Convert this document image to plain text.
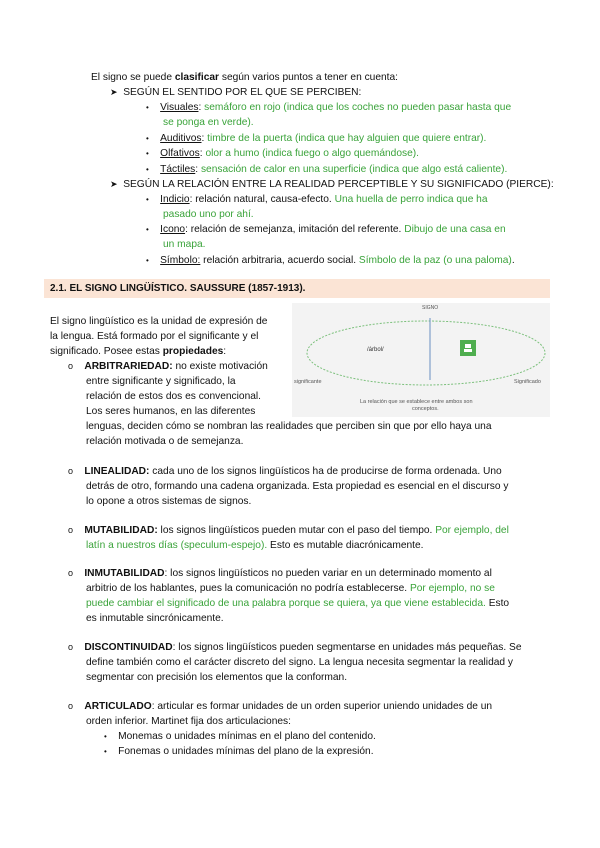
El signo se puede clasificar según varios puntos a tener en cuenta:
➤ SEGÚN EL SENTIDO POR EL QUE SE PERCIBEN:
• Visuales: semáforo en rojo (indica que los coches no pueden pasar hasta que
se ponga en verde).
• Auditivos: timbre de la puerta (indica que hay alguien que quiere entrar).
• Olfativos: olor a humo (indica fuego o algo quemándose).
• Táctiles: sensación de calor en una superficie (indica que algo está caliente).
➤ SEGÚN LA RELACIÓN ENTRE LA REALIDAD PERCEPTIBLE Y SU SIGNIFICADO (PIERCE):
• Indicio: relación natural, causa-efecto. Una huella de perro indica que ha
pasado uno por ahí.
• Icono: relación de semejanza, imitación del referente. Dibujo de una casa en
un mapa.
• Símbolo: relación arbitraria, acuerdo social. Símbolo de la paz (o una paloma).
2.1. EL SIGNO LINGÜÍSTICO. SAUSSURE (1857-1913).
El signo lingüístico es la unidad de expresión de
la lengua. Está formado por el significante y el
significado. Posee estas propiedades:
SIGNO
/árbol/
significante	Significado
La relación que se establece entre ambos son
conceptos.
o ARBITRARIEDAD: no existe motivación
entre significante y significado, la
relación de estos dos es convencional.
Los seres humanos, en las diferentes
lenguas, deciden cómo se nombran las realidades que perciben sin que por ello haya una
relación motivada o de semejanza.
o LINEALIDAD: cada uno de los signos lingüísticos ha de producirse de forma ordenada. Uno
detrás de otro, formando una cadena organizada. Esta propiedad es esencial en el discurso y
lo opone a otros sistemas de signos.
o MUTABILIDAD: los signos lingüísticos pueden mutar con el paso del tiempo. Por ejemplo, del
latín a nuestros días (speculum-espejo). Esto es mutable diacrónicamente.
o INMUTABILIDAD: los signos lingüísticos no pueden variar en un determinado momento al
arbitrio de los hablantes, pues la comunicación no podría establecerse. Por ejemplo, no se
puede cambiar el significado de una palabra porque se quiera, ya que viene establecida. Esto
es inmutable sincrónicamente.
o DISCONTINUIDAD: los signos lingüísticos pueden segmentarse en unidades más pequeñas. Se
define también como el carácter discreto del signo. La lengua necesita segmentar la realidad y
segmentar con precisión los elementos que la conforman.
o ARTICULADO: articular es formar unidades de un orden superior uniendo unidades de un
orden inferior. Martinet fija dos articulaciones:
• Monemas o unidades mínimas en el plano del contenido.
• Fonemas o unidades mínimas del plano de la expresión.
